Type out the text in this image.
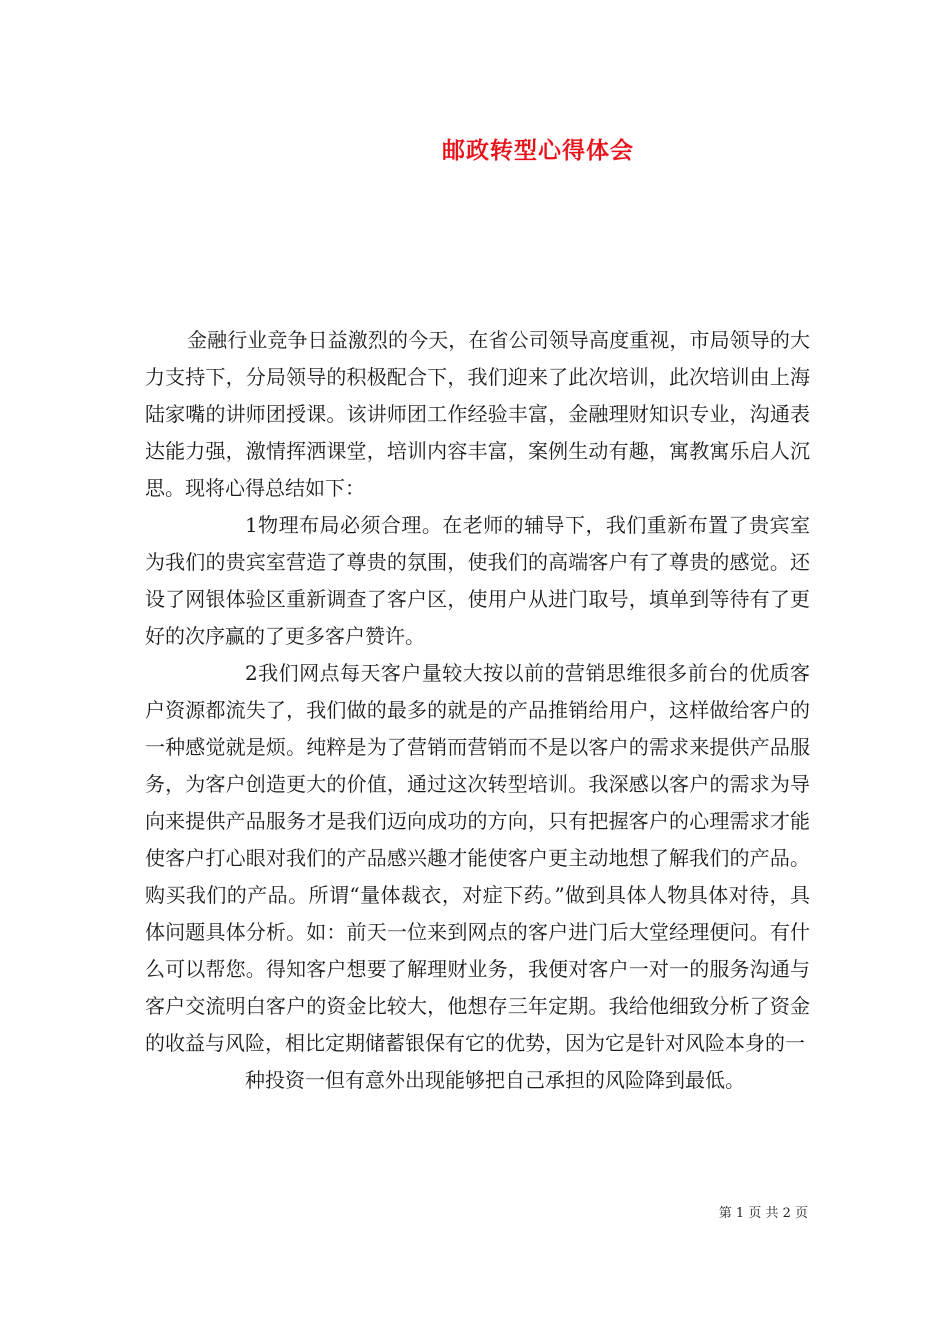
邮政转型心得体会

金融行业竞争日益激烈的今天，在省公司领导高度重视，市局领导的大力支持下，分局领导的积极配合下，我们迎来了此次培训，此次培训由上海陆家嘴的讲师团授课。该讲师团工作经验丰富，金融理财知识专业，沟通表达能力强，激情挥洒课堂，培训内容丰富，案例生动有趣，寓教寓乐启人沉思。现将心得总结如下：

1物理布局必须合理。在老师的辅导下，我们重新布置了贵宾室为我们的贵宾室营造了尊贵的氛围，使我们的高端客户有了尊贵的感觉。还设了网银体验区重新调查了客户区，使用户从进门取号，填单到等待有了更好的次序赢的了更多客户赞许。

2我们网点每天客户量较大按以前的营销思维很多前台的优质客户资源都流失了，我们做的最多的就是的产品推销给用户，这样做给客户的一种感觉就是烦。纯粹是为了营销而营销而不是以客户的需求来提供产品服务，为客户创造更大的价值，通过这次转型培训。我深感以客户的需求为导向来提供产品服务才是我们迈向成功的方向，只有把握客户的心理需求才能使客户打心眼对我们的产品感兴趣才能使客户更主动地想了解我们的产品。购买我们的产品。所谓“量体裁衣，对症下药。”做到具体人物具体对待，具体问题具体分析。如：前天一位来到网点的客户进门后大堂经理便问。有什么可以帮您。得知客户想要了解理财业务，我便对客户一对一的服务沟通与客户交流明白客户的资金比较大，他想存三年定期。我给他细致分析了资金的收益与风险，相比定期储蓄银保有它的优势，因为它是针对风险本身的一

种投资一但有意外出现能够把自己承担的风险降到最低。

第 1 页 共 2 页
